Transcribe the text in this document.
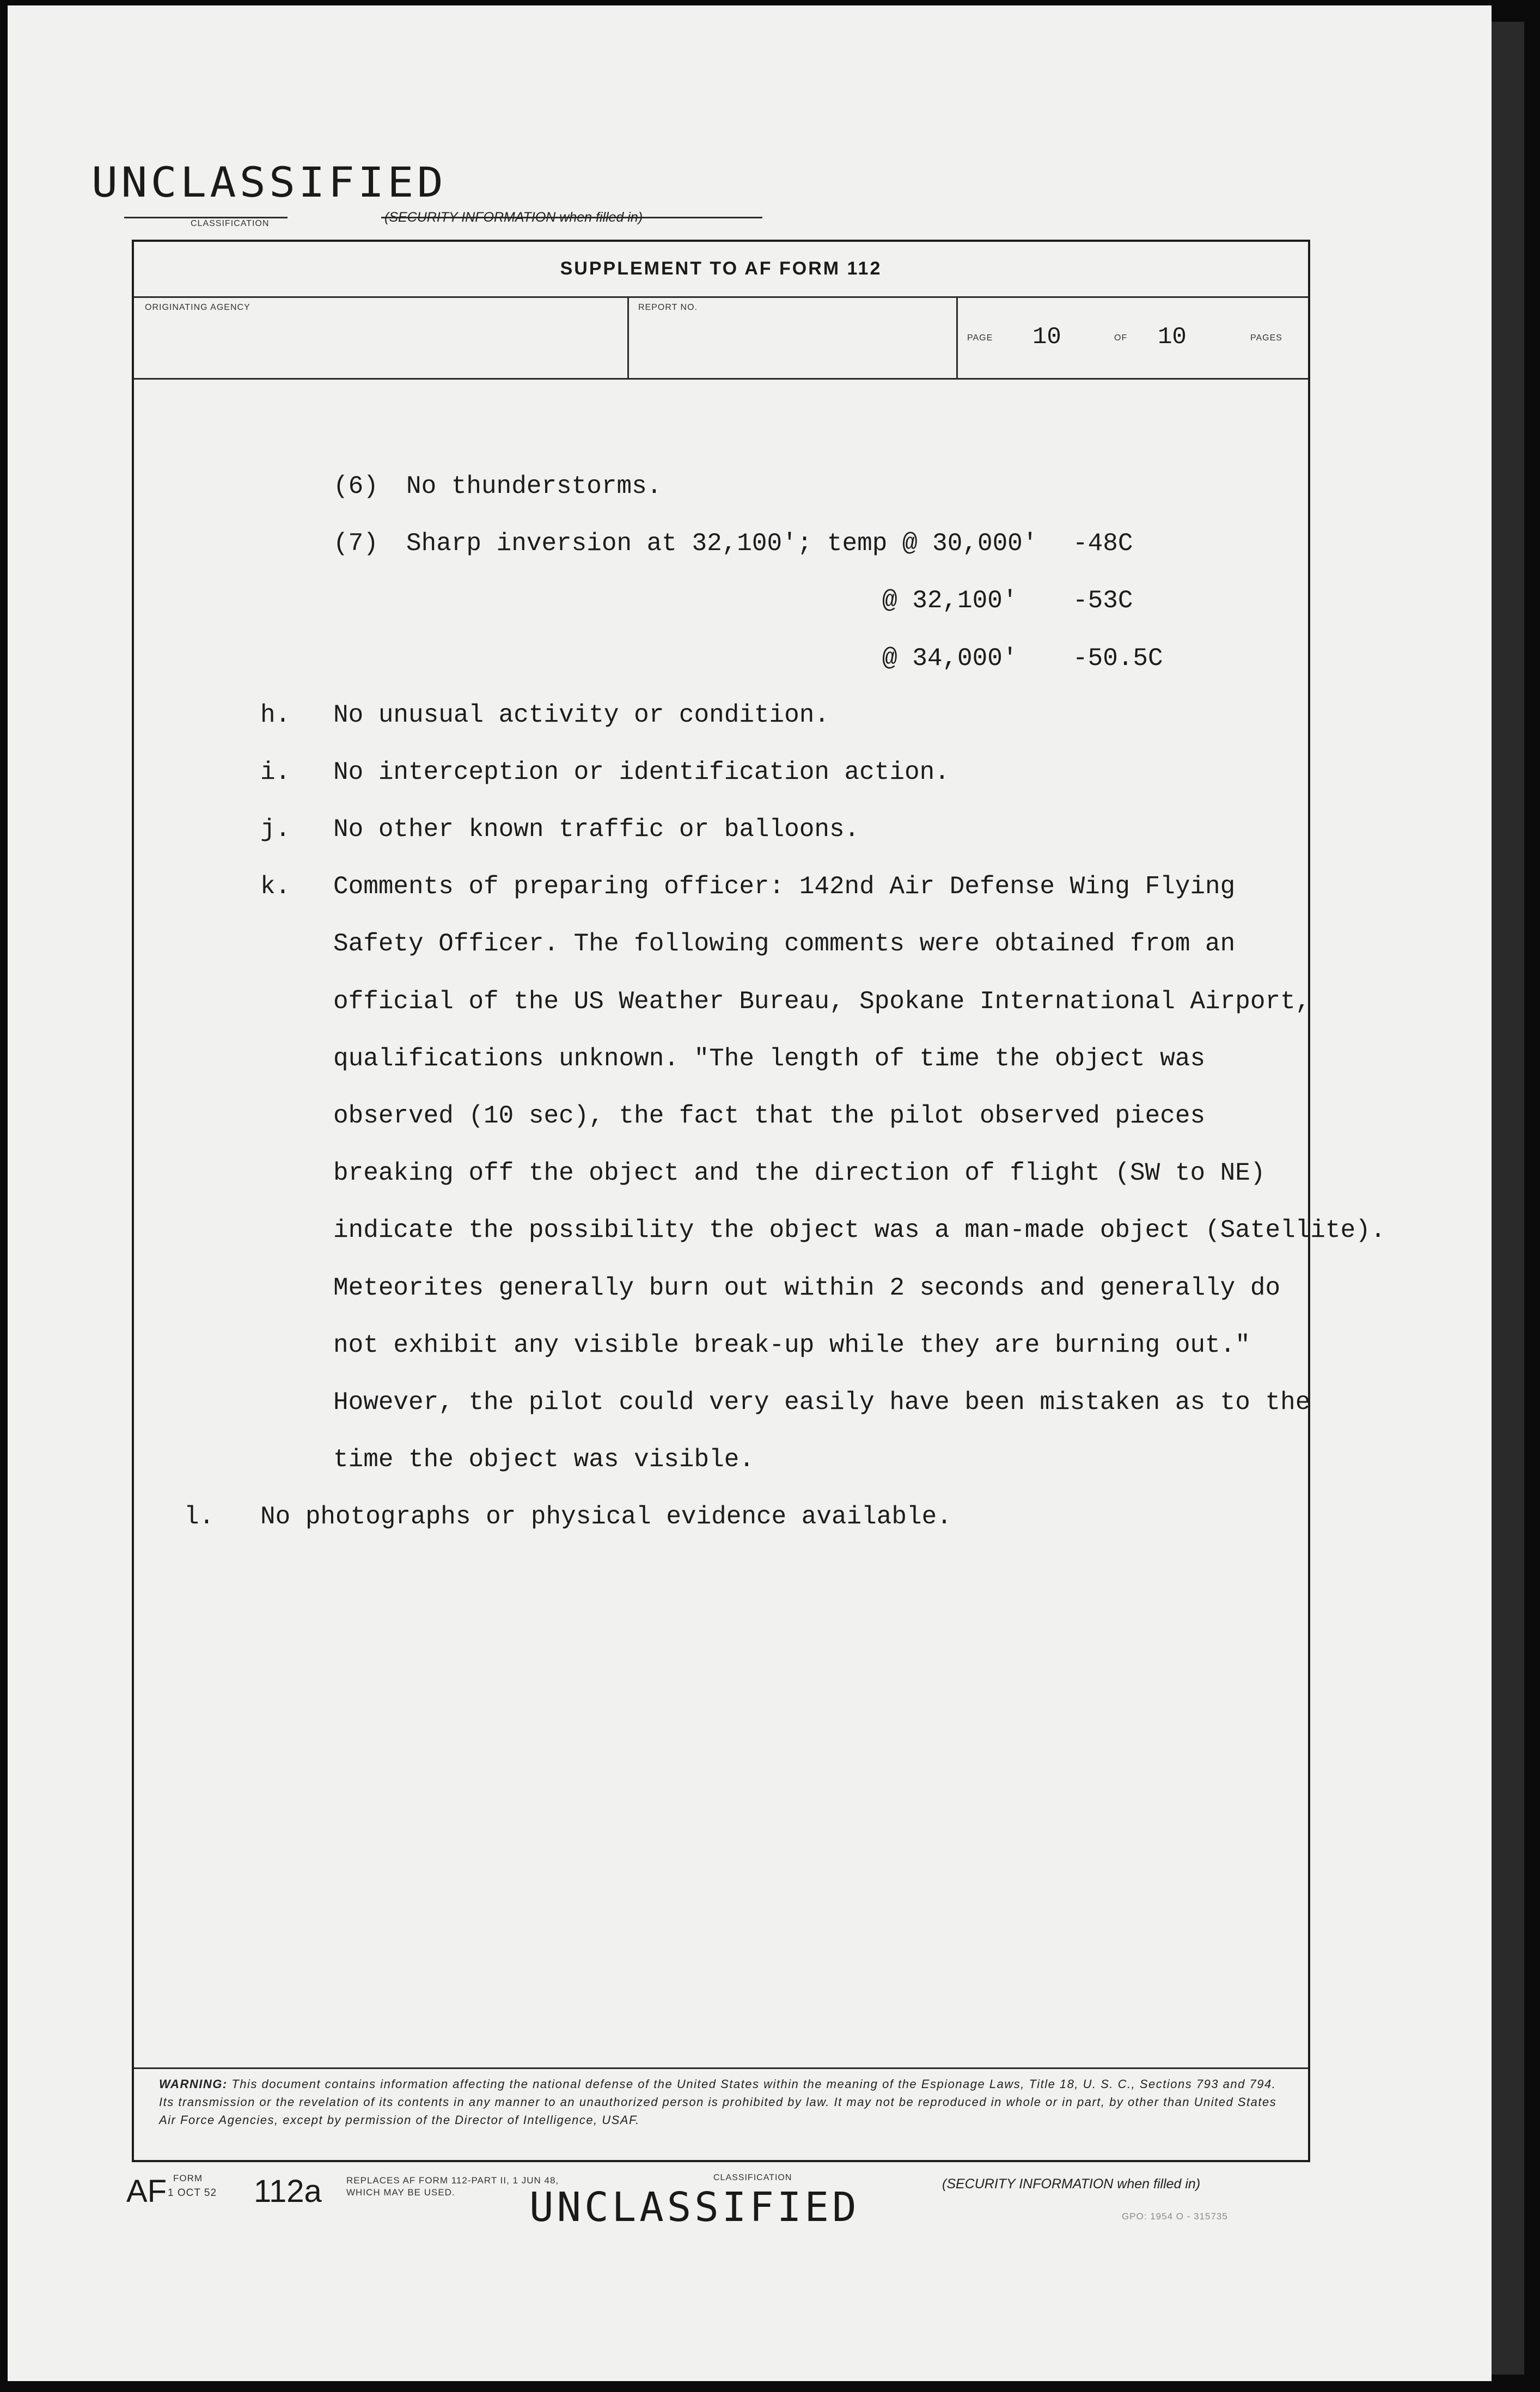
UNCLASSIFIED
CLASSIFICATION	(SECURITY INFORMATION when filled in)
SUPPLEMENT TO AF FORM 112
ORIGINATING AGENCY	REPORT NO.
PAGE 10	OF 10	PAGES
(6) No thunderstorms.
(7) Sharp inversion at 32,100'; temp @ 30,000' -48C
@ 32,100' -53C
@ 34,000' -50.5C
h. No unusual activity or condition.
i. No interception or identification action.
j. No other known traffic or balloons.
k. Comments of preparing officer: 142nd Air Defense Wing Flying
Safety Officer. The following comments were obtained from an
official of the US Weather Bureau, Spokane International Airport,
qualifications unknown. "The length of time the object was
observed (10 sec), the fact that the pilot observed pieces
breaking off the object and the direction of flight (SW to NE)
indicate the possibility the object was a man-made object (Satellite).
Meteorites generally burn out within 2 seconds and generally do
not exhibit any visible break-up while they are burning out."
However, the pilot could very easily have been mistaken as to the
time the object was visible.
l. No photographs or physical evidence available.
WARNING: This document contains information affecting the national defense of the United States within the meaning of the Espionage Laws, Title 18, U. S. C., Sections 793 and 794. Its transmission or the revelation of its contents in any manner to an unauthorized person is prohibited by law. It may not be reproduced in whole or in part, by other than United States Air Force Agencies, except by permission of the Director of Intelligence, USAF.
AF FORM
1 OCT 52 112a	REPLACES AF FORM 112-PART II, 1 JUN 48,
WHICH MAY BE USED.
CLASSIFICATION
UNCLASSIFIED	(SECURITY INFORMATION when filled in)
GPO: 1954 O - 315735
